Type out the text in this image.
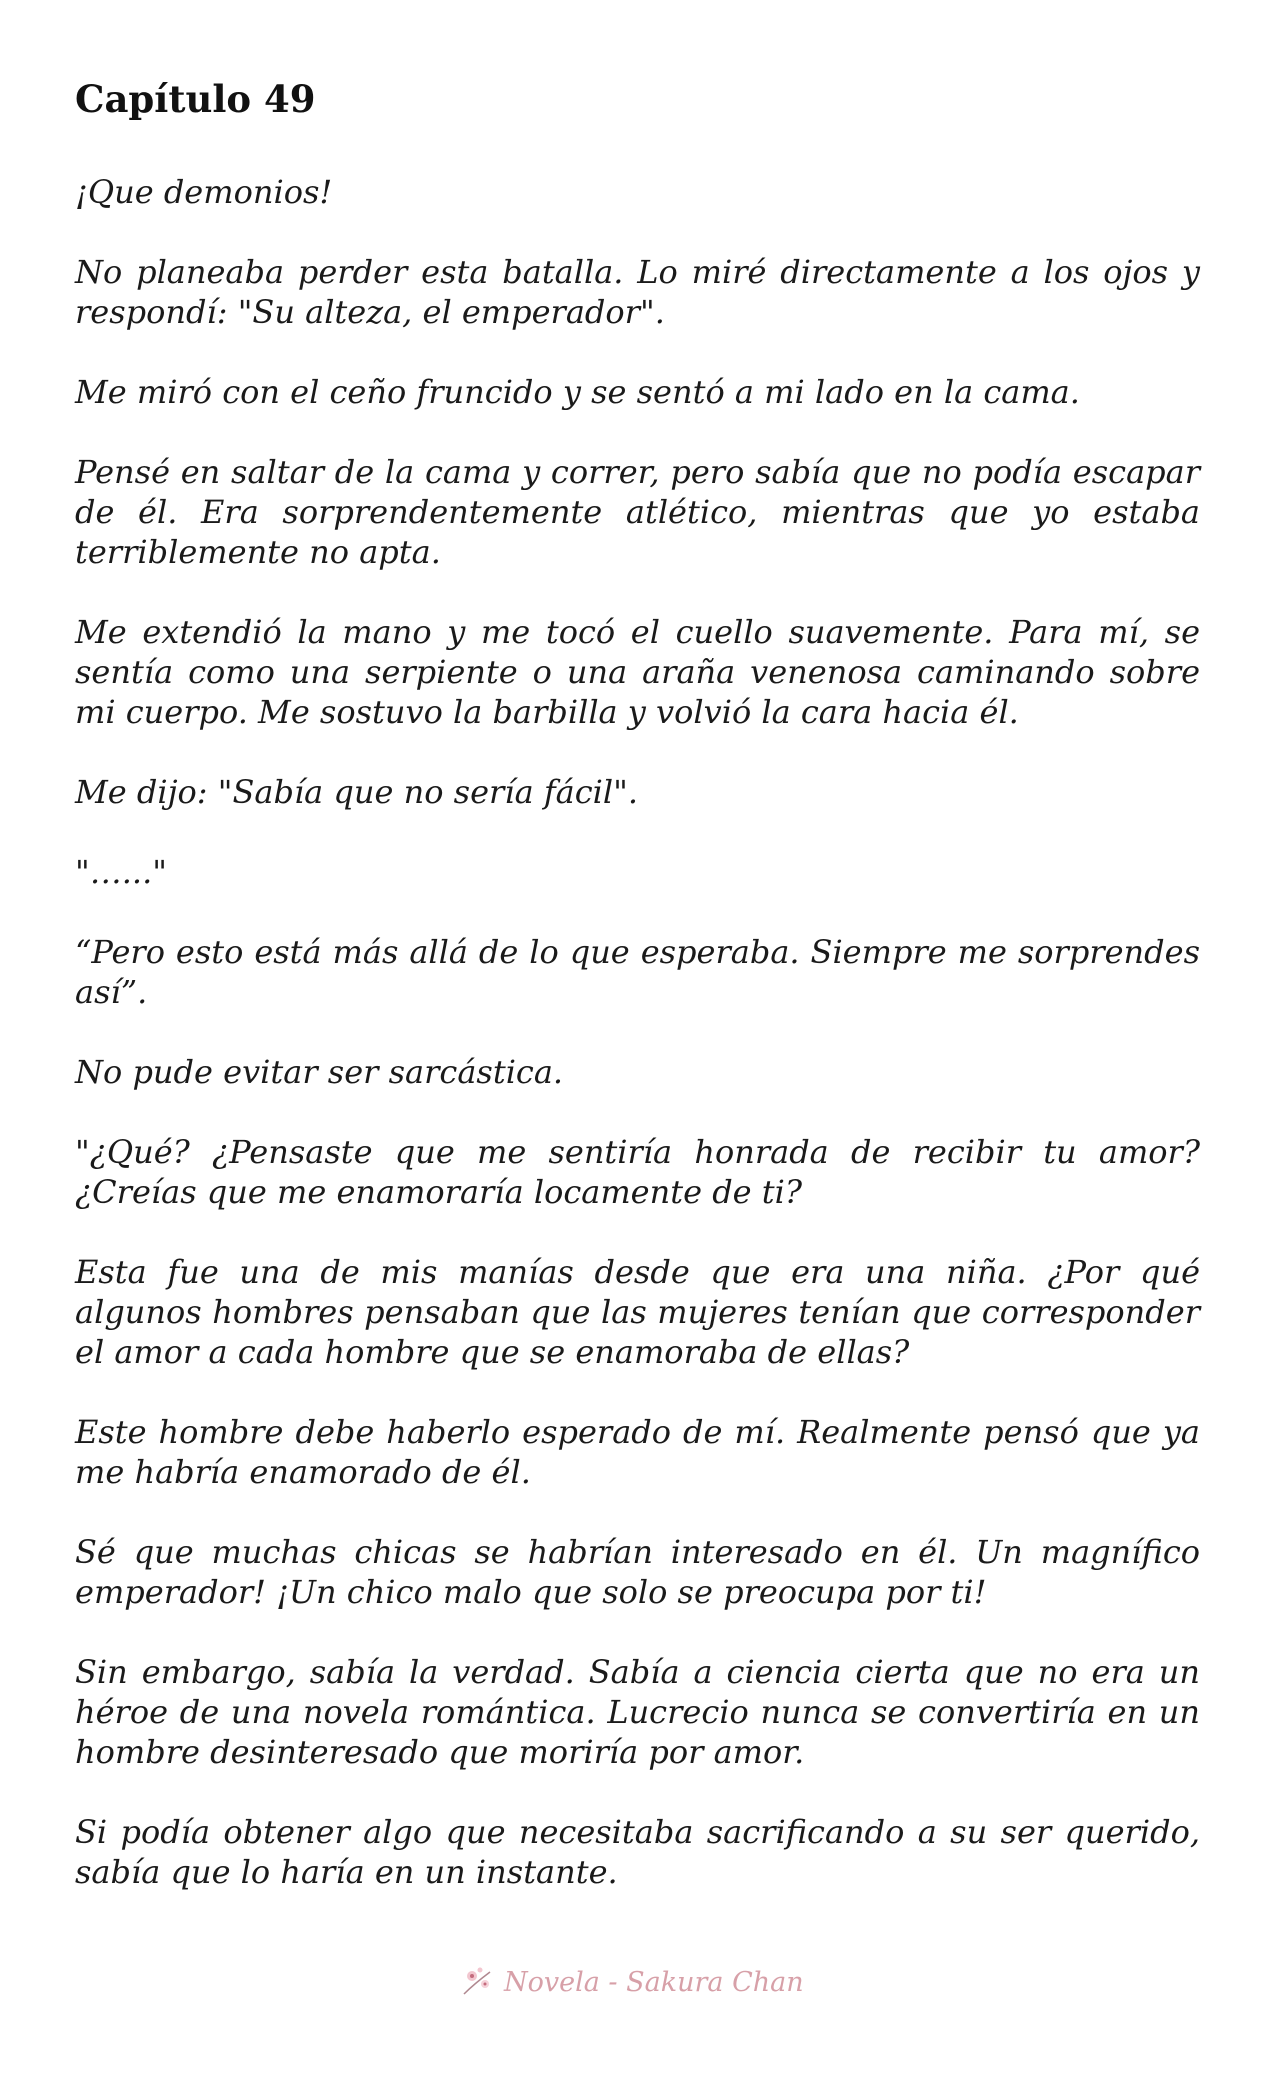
Capítulo 49

¡Que demonios!

No planeaba perder esta batalla. Lo miré directamente a los ojos y respondí: "Su alteza, el emperador".

Me miró con el ceño fruncido y se sentó a mi lado en la cama.

Pensé en saltar de la cama y correr, pero sabía que no podía escapar de él. Era sorprendentemente atlético, mientras que yo estaba terriblemente no apta.

Me extendió la mano y me tocó el cuello suavemente. Para mí, se sentía como una serpiente o una araña venenosa caminando sobre mi cuerpo. Me sostuvo la barbilla y volvió la cara hacia él.

Me dijo: "Sabía que no sería fácil".

"…..."

“Pero esto está más allá de lo que esperaba. Siempre me sorprendes así”.

No pude evitar ser sarcástica.

"¿Qué? ¿Pensaste que me sentiría honrada de recibir tu amor? ¿Creías que me enamoraría locamente de ti?

Esta fue una de mis manías desde que era una niña. ¿Por qué algunos hombres pensaban que las mujeres tenían que corresponder el amor a cada hombre que se enamoraba de ellas?

Este hombre debe haberlo esperado de mí. Realmente pensó que ya me habría enamorado de él.

Sé que muchas chicas se habrían interesado en él. Un magnífico emperador! ¡Un chico malo que solo se preocupa por ti!

Sin embargo, sabía la verdad. Sabía a ciencia cierta que no era un héroe de una novela romántica. Lucrecio nunca se convertiría en un hombre desinteresado que moriría por amor.

Si podía obtener algo que necesitaba sacrificando a su ser querido, sabía que lo haría en un instante.

Novela - Sakura Chan
